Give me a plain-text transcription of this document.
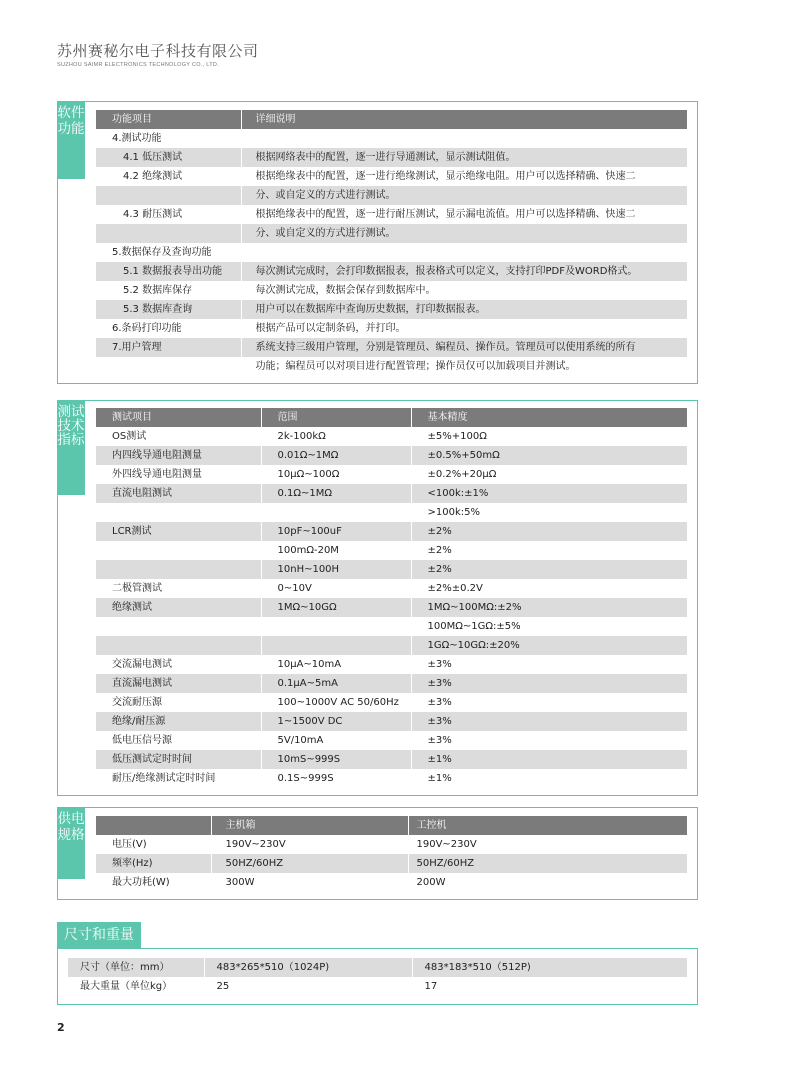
苏州赛秘尔电子科技有限公司
SUZHOU SAIMR ELECTRONICS TECHNOLOGY CO., LTD.
软件功能
功能项目	详细说明
4.测试功能	
4.1 低压测试	根据网络表中的配置，逐一进行导通测试，显示测试阻值。
4.2 绝缘测试	根据绝缘表中的配置，逐一进行绝缘测试，显示绝缘电阻。用户可以选择精确、快速二
	分、或自定义的方式进行测试。
4.3 耐压测试	根据绝缘表中的配置，逐一进行耐压测试，显示漏电流值。用户可以选择精确、快速二
	分、或自定义的方式进行测试。
5.数据保存及查询功能	
5.1 数据报表导出功能	每次测试完成时，会打印数据报表，报表格式可以定义，支持打印PDF及WORD格式。
5.2 数据库保存	每次测试完成，数据会保存到数据库中。
5.3 数据库查询	用户可以在数据库中查询历史数据，打印数据报表。
6.条码打印功能	根据产品可以定制条码，并打印。
7.用户管理	系统支持三级用户管理，分别是管理员、编程员、操作员。管理员可以使用系统的所有
	功能；编程员可以对项目进行配置管理；操作员仅可以加载项目并测试。
测试技术指标
测试项目	范围	基本精度
OS测试	2k-100kΩ	±5%+100Ω
内四线导通电阻测量	0.01Ω~1MΩ	±0.5%+50mΩ
外四线导通电阻测量	10μΩ~100Ω	±0.2%+20μΩ
直流电阻测试	0.1Ω~1MΩ	<100k:±1%
		>100k:5%
LCR测试	10pF~100uF	±2%
	100mΩ-20M	±2%
	10nH~100H	±2%
二极管测试	0~10V	±2%±0.2V
绝缘测试	1MΩ~10GΩ	1MΩ~100MΩ:±2%
		100MΩ~1GΩ:±5%
		1GΩ~10GΩ:±20%
交流漏电测试	10μA~10mA	±3%
直流漏电测试	0.1μA~5mA	±3%
交流耐压源	100~1000V AC 50/60Hz	±3%
绝缘/耐压源	1~1500V DC	±3%
低电压信号源	5V/10mA	±3%
低压测试定时时间	10mS~999S	±1%
耐压/绝缘测试定时时间	0.1S~999S	±1%
供电规格
	主机箱	工控机
电压(V)	190V~230V	190V~230V
频率(Hz)	50HZ/60HZ	50HZ/60HZ
最大功耗(W)	300W	200W
尺寸和重量
尺寸（单位：mm）	483*265*510（1024P)	483*183*510（512P)
最大重量（单位kg）	25	17
2
